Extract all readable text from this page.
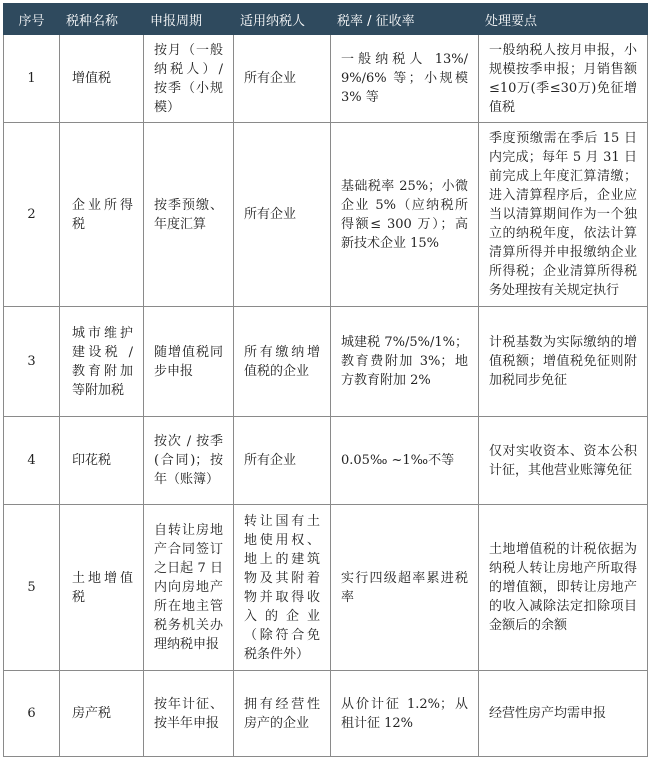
序号	税种名称	申报周期	适用纳税人	税率 / 征收率	处理要点
1	增值税	按月（一般纳税人）/按季（小规模）	所有企业	一般纳税人 13%/ 9%/6% 等；小规模 3% 等	一般纳税人按月申报，小规模按季申报；月销售额≤10万(季≤30万)免征增值税
2	企业所得税	按季预缴、年度汇算	所有企业	基础税率 25%；小微企业 5%（应纳税所得额≤ 300 万）；高新技术企业 15%	季度预缴需在季后 15 日内完成；每年 5 月 31 日前完成上年度汇算清缴；进入清算程序后，企业应当以清算期间作为一个独立的纳税年度，依法计算清算所得并申报缴纳企业所得税；企业清算所得税务处理按有关规定执行
3	城市维护建设税 / 教育附加等附加税	随增值税同步申报	所有缴纳增值税的企业	城建税 7%/5%/1%；教育费附加 3%；地方教育附加 2%	计税基数为实际缴纳的增值税额；增值税免征则附加税同步免征
4	印花税	按次 / 按季(合同)；按年（账簿）	所有企业	0.05‰ ~1‰不等	仅对实收资本、资本公积计征，其他营业账簿免征
5	土地增值税	自转让房地产合同签订之日起 7 日内向房地产所在地主管税务机关办理纳税申报	转让国有土地使用权、地上的建筑物及其附着物并取得收入的企业（除符合免税条件外）	实行四级超率累进税率	土地增值税的计税依据为纳税人转让房地产所取得的增值额，即转让房地产的收入减除法定扣除项目金额后的余额
6	房产税	按年计征、按半年申报	拥有经营性房产的企业	从价计征 1.2%；从租计征 12%	经营性房产均需申报
